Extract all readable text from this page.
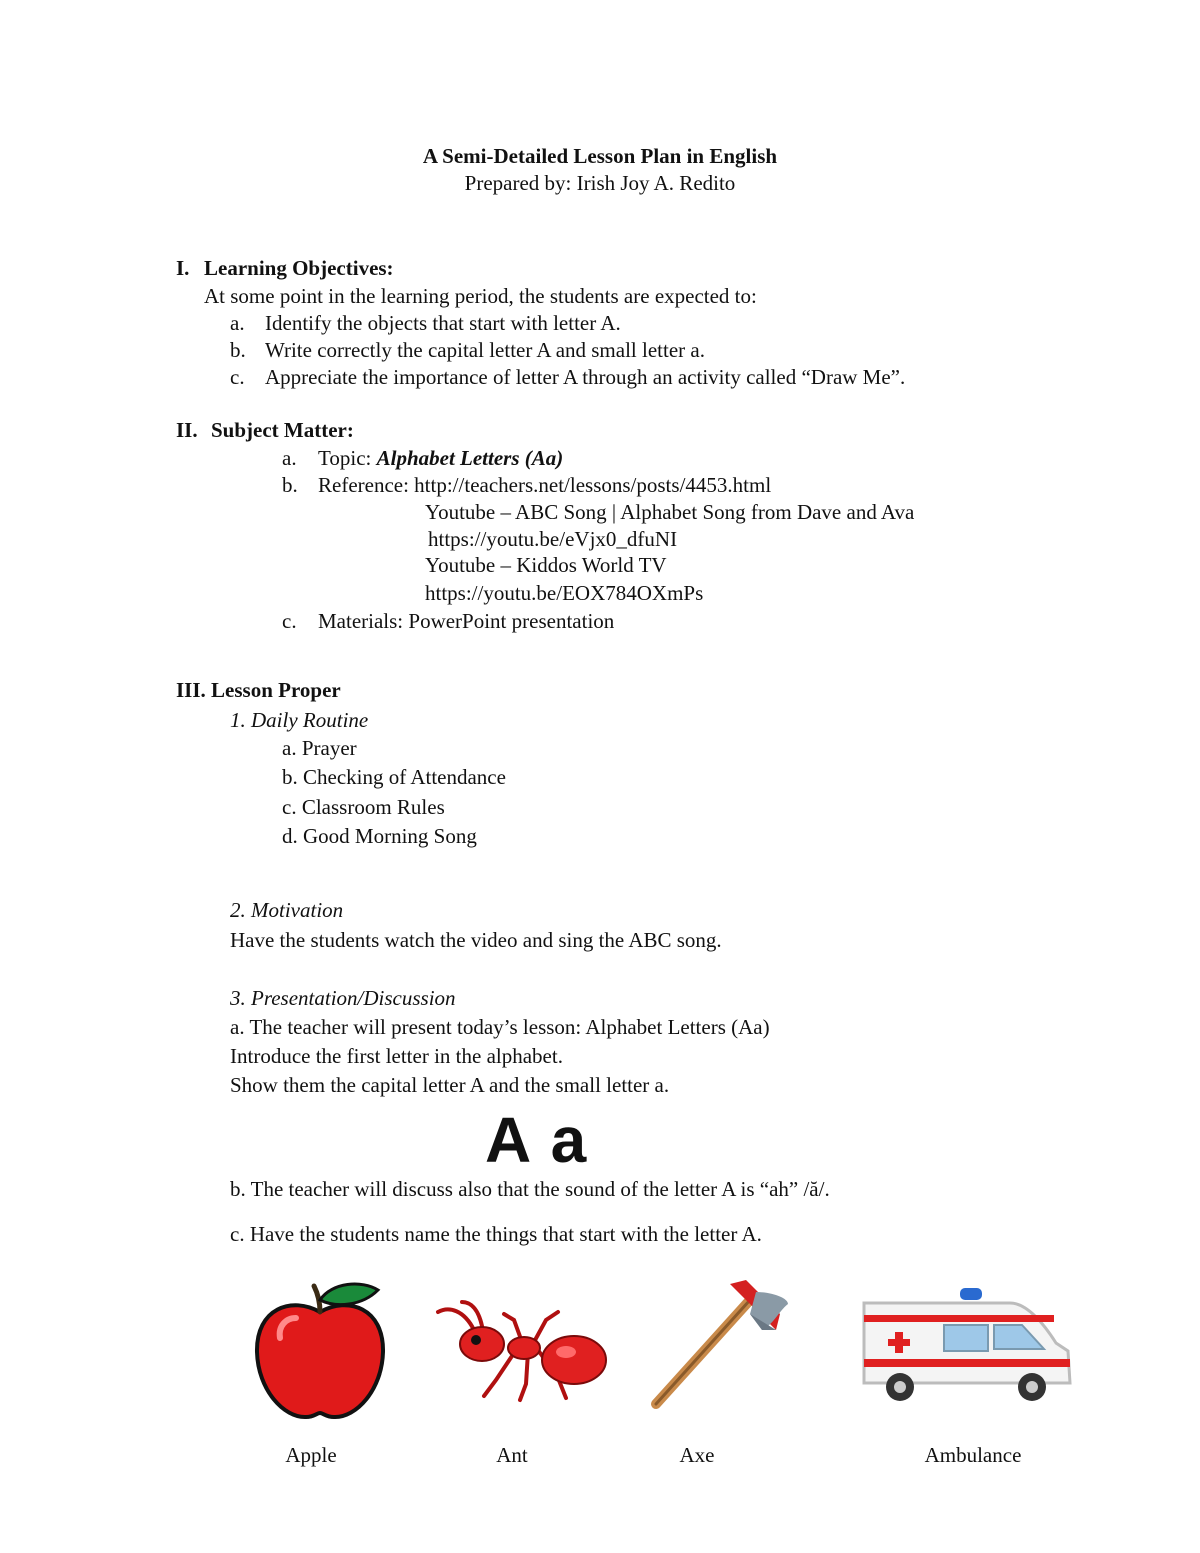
A Semi-Detailed Lesson Plan in English
Prepared by: Irish Joy A. Redito
I. Learning Objectives:
At some point in the learning period, the students are expected to:
a. Identify the objects that start with letter A.
b. Write correctly the capital letter A and small letter a.
c. Appreciate the importance of letter A through an activity called “Draw Me”.
II. Subject Matter:
a. Topic: Alphabet Letters (Aa)
b. Reference: http://teachers.net/lessons/posts/4453.html
Youtube – ABC Song | Alphabet Song from Dave and Ava
https://youtu.be/eVjx0_dfuNI
Youtube – Kiddos World TV
https://youtu.be/EOX784OXmPs
c. Materials: PowerPoint presentation
III. Lesson Proper
1. Daily Routine
a. Prayer
b. Checking of Attendance
c. Classroom Rules
d. Good Morning Song
2. Motivation
Have the students watch the video and sing the ABC song.
3. Presentation/Discussion
a. The teacher will present today’s lesson: Alphabet Letters (Aa)
Introduce the first letter in the alphabet.
Show them the capital letter A and the small letter a.
A a
b. The teacher will discuss also that the sound of the letter A is “ah” /ă/.
c. Have the students name the things that start with the letter A.
Apple	Ant	Axe	Ambulance
